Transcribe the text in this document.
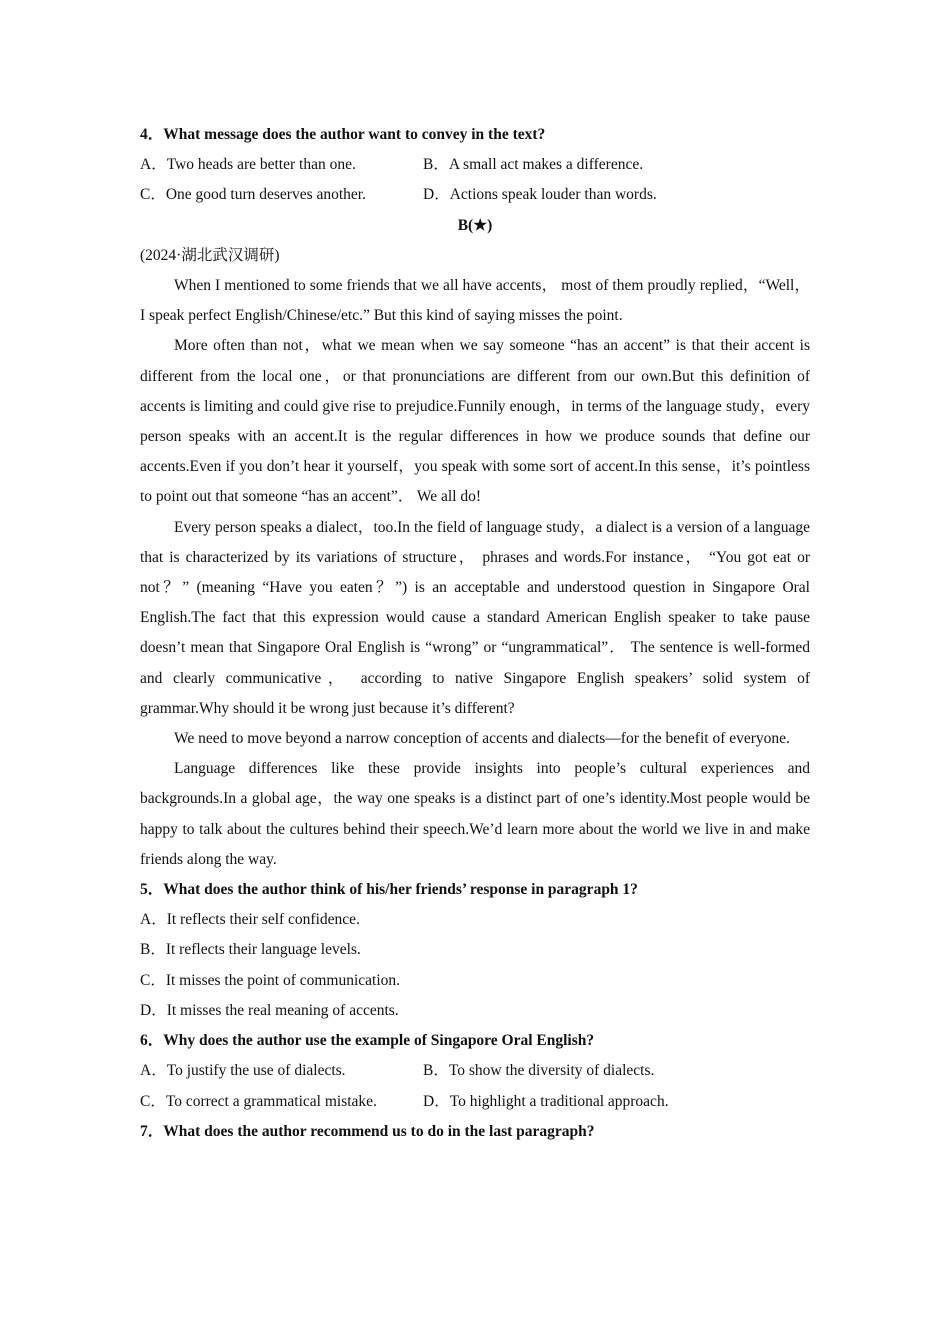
4．What message does the author want to convey in the text?
A．Two heads are better than one.	B．A small act makes a difference.
C．One good turn deserves another.	D．Actions speak louder than words.
B(★)
(2024·湖北武汉调研)

When I mentioned to some friends that we all have accents， most of them proudly replied，“Well，I speak perfect English/Chinese/etc.” But this kind of saying misses the point.

More often than not，what we mean when we say someone “has an accent” is that their accent is different from the local one，or that pronunciations are different from our own.But this definition of accents is limiting and could give rise to prejudice.Funnily enough，in terms of the language study，every person speaks with an accent.It is the regular differences in how we produce sounds that define our accents.Even if you don’t hear it yourself，you speak with some sort of accent.In this sense，it’s pointless to point out that someone “has an accent”． We all do!

Every person speaks a dialect，too.In the field of language study，a dialect is a version of a language that is characterized by its variations of structure， phrases and words.For instance， “You got eat or not？” (meaning “Have you eaten？”) is an acceptable and understood question in Singapore Oral English.The fact that this expression would cause a standard American English speaker to take pause doesn’t mean that Singapore Oral English is “wrong” or “ungrammatical”． The sentence is well-formed and clearly communicative， according to native Singapore English speakers’ solid system of grammar.Why should it be wrong just because it’s different?

We need to move beyond a narrow conception of accents and dialects—for the benefit of everyone.

Language differences like these provide insights into people’s cultural experiences and backgrounds.In a global age，the way one speaks is a distinct part of one’s identity.Most people would be happy to talk about the cultures behind their speech.We’d learn more about the world we live in and make friends along the way.

5．What does the author think of his/her friends’ response in paragraph 1?
A．It reflects their self confidence.
B．It reflects their language levels.
C．It misses the point of communication.
D．It misses the real meaning of accents.
6．Why does the author use the example of Singapore Oral English?
A．To justify the use of dialects.	B．To show the diversity of dialects.
C．To correct a grammatical mistake.	D．To highlight a traditional approach.
7．What does the author recommend us to do in the last paragraph?
